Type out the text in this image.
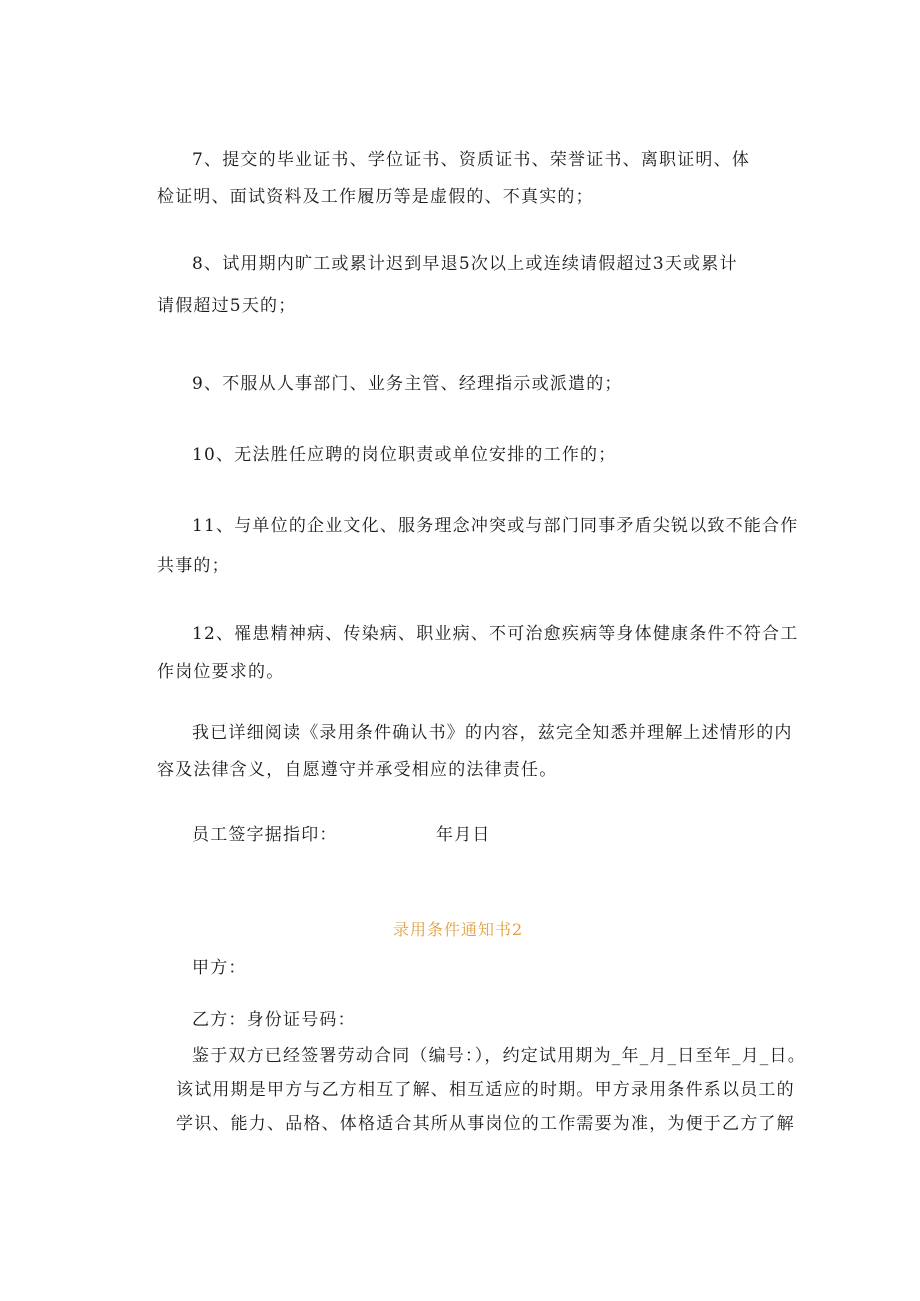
7、提交的毕业证书、学位证书、资质证书、荣誉证书、离职证明、体

检证明、面试资料及工作履历等是虚假的、不真实的；

8、试用期内旷工或累计迟到早退5次以上或连续请假超过3天或累计

请假超过5天的；

9、不服从人事部门、业务主管、经理指示或派遣的；

10、无法胜任应聘的岗位职责或单位安排的工作的；

11、与单位的企业文化、服务理念冲突或与部门同事矛盾尖锐以致不能合作

共事的；

12、罹患精神病、传染病、职业病、不可治愈疾病等身体健康条件不符合工

作岗位要求的。

我已详细阅读《录用条件确认书》的内容，兹完全知悉并理解上述情形的内

容及法律含义，自愿遵守并承受相应的法律责任。

员工签字据指印：	年月日

录用条件通知书2

甲方：

乙方：身份证号码：

鉴于双方已经签署劳动合同（编号：），约定试用期为_年_月_日至年_月_日。

该试用期是甲方与乙方相互了解、相互适应的时期。甲方录用条件系以员工的

学识、能力、品格、体格适合其所从事岗位的工作需要为准，为便于乙方了解
